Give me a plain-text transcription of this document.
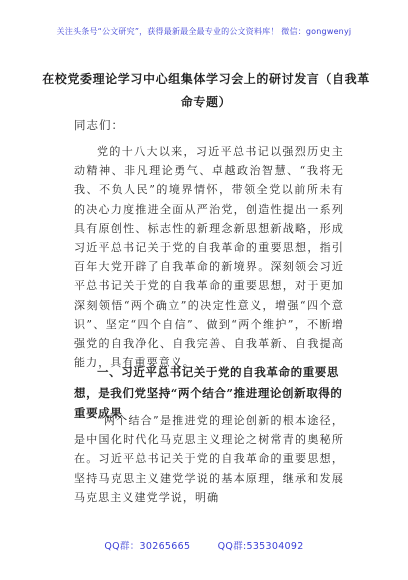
关注头条号“公文研究”，获得最新最全最专业的公文资料库！ 微信：gongwenyj
在校党委理论学习中心组集体学习会上的研讨发言（自我革命专题）
同志们：

党的十八大以来，习近平总书记以强烈历史主动精神、非凡理论勇气、卓越政治智慧、“我将无我、不负人民”的境界情怀，带领全党以前所未有的决心力度推进全面从严治党，创造性提出一系列具有原创性、标志性的新理念新思想新战略，形成习近平总书记关于党的自我革命的重要思想，指引百年大党开辟了自我革命的新境界。深刻领会习近平总书记关于党的自我革命的重要思想，对于更加深刻领悟“两个确立”的决定性意义，增强“四个意识”、坚定“四个自信”、做到“两个维护”，不断增强党的自我净化、自我完善、自我革新、自我提高能力，具有重要意义。

一、习近平总书记关于党的自我革命的重要思想，是我们党坚持“两个结合”推进理论创新取得的重要成果

“两个结合”是推进党的理论创新的根本途径，是中国化时代化马克思主义理论之树常青的奥秘所在。习近平总书记关于党的自我革命的重要思想，坚持马克思主义建党学说的基本原理，继承和发展马克思主义建党学说，明确

QQ群：30265665	QQ群:535304092
